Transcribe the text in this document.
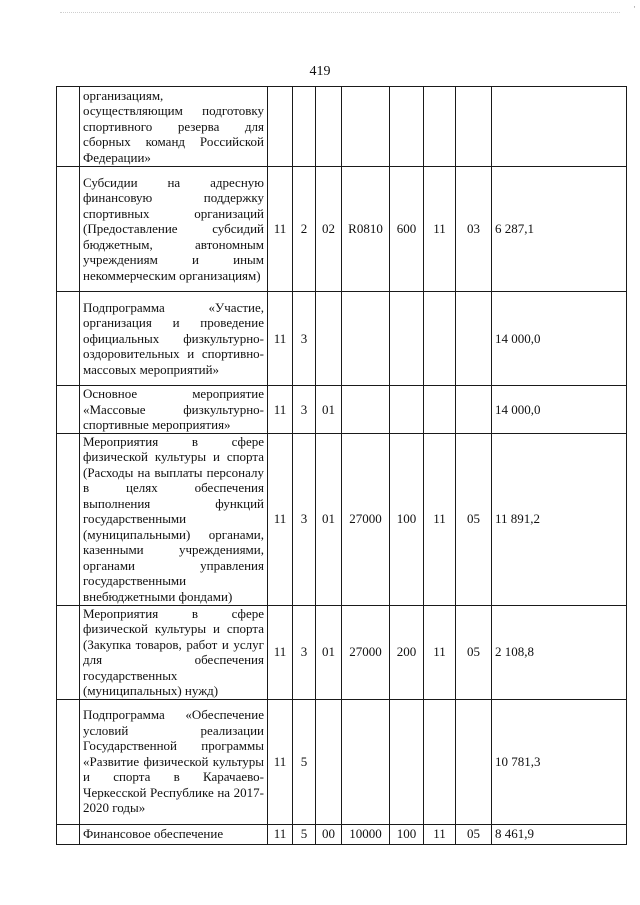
·
419
	организациям, осуществляющим подготовку спортивного резерва для сборных команд Российской Федерации»								
	Субсидии на адресную финансовую поддержку спортивных организаций (Предоставление субсидий бюджетным, автономным учреждениям и иным некоммерческим организациям)	11	2	02	R0810	600	11	03	6 287,1
	Подпрограмма «Участие, организация и проведение официальных физкультурно-оздоровительных и спортивно-массовых мероприятий»	11	3						14 000,0
	Основное мероприятие «Массовые физкультурно-спортивные мероприятия»	11	3	01					14 000,0
	Мероприятия в сфере физической культуры и спорта (Расходы на выплаты персоналу в целях обеспечения выполнения функций государственными (муниципальными) органами, казенными учреждениями, органами управления государственными внебюджетными фондами)	11	3	01	27000	100	11	05	11 891,2
	Мероприятия в сфере физической культуры и спорта (Закупка товаров, работ и услуг для обеспечения государственных (муниципальных) нужд)	11	3	01	27000	200	11	05	2 108,8
	Подпрограмма «Обеспечение условий реализации Государственной программы «Развитие физической культуры и спорта в Карачаево-Черкесской Республике на 2017-2020 годы»	11	5						10 781,3
	Финансовое обеспечение	11	5	00	10000	100	11	05	8 461,9
